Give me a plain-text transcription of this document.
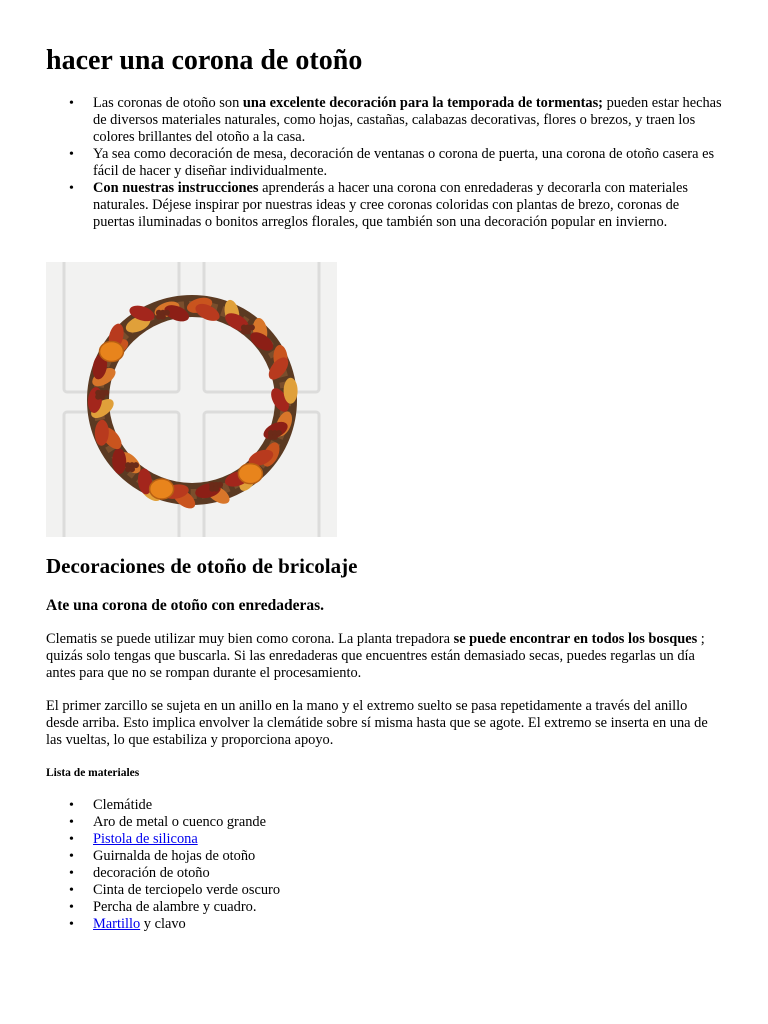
hacer una corona de otoño
• Las coronas de otoño son una excelente decoración para la temporada de tormentas; pueden estar hechas de diversos materiales naturales, como hojas, castañas, calabazas decorativas, flores o brezos, y traen los colores brillantes del otoño a la casa.
• Ya sea como decoración de mesa, decoración de ventanas o corona de puerta, una corona de otoño casera es fácil de hacer y diseñar individualmente.
• Con nuestras instrucciones aprenderás a hacer una corona con enredaderas y decorarla con materiales naturales. Déjese inspirar por nuestras ideas y cree coronas coloridas con plantas de brezo, coronas de puertas iluminadas o bonitos arreglos florales, que también son una decoración popular en invierno.
Decoraciones de otoño de bricolaje
Ate una corona de otoño con enredaderas.

Clematis se puede utilizar muy bien como corona. La planta trepadora se puede encontrar en todos los bosques ; quizás solo tengas que buscarla. Si las enredaderas que encuentres están demasiado secas, puedes regarlas un día antes para que no se rompan durante el procesamiento.

El primer zarcillo se sujeta en un anillo en la mano y el extremo suelto se pasa repetidamente a través del anillo desde arriba. Esto implica envolver la clemátide sobre sí misma hasta que se agote. El extremo se inserta en una de las vueltas, lo que estabiliza y proporciona apoyo.

Lista de materiales
• Clemátide
• Aro de metal o cuenco grande
• Pistola de silicona
• Guirnalda de hojas de otoño
• decoración de otoño
• Cinta de terciopelo verde oscuro
• Percha de alambre y cuadro.
• Martillo y clavo
